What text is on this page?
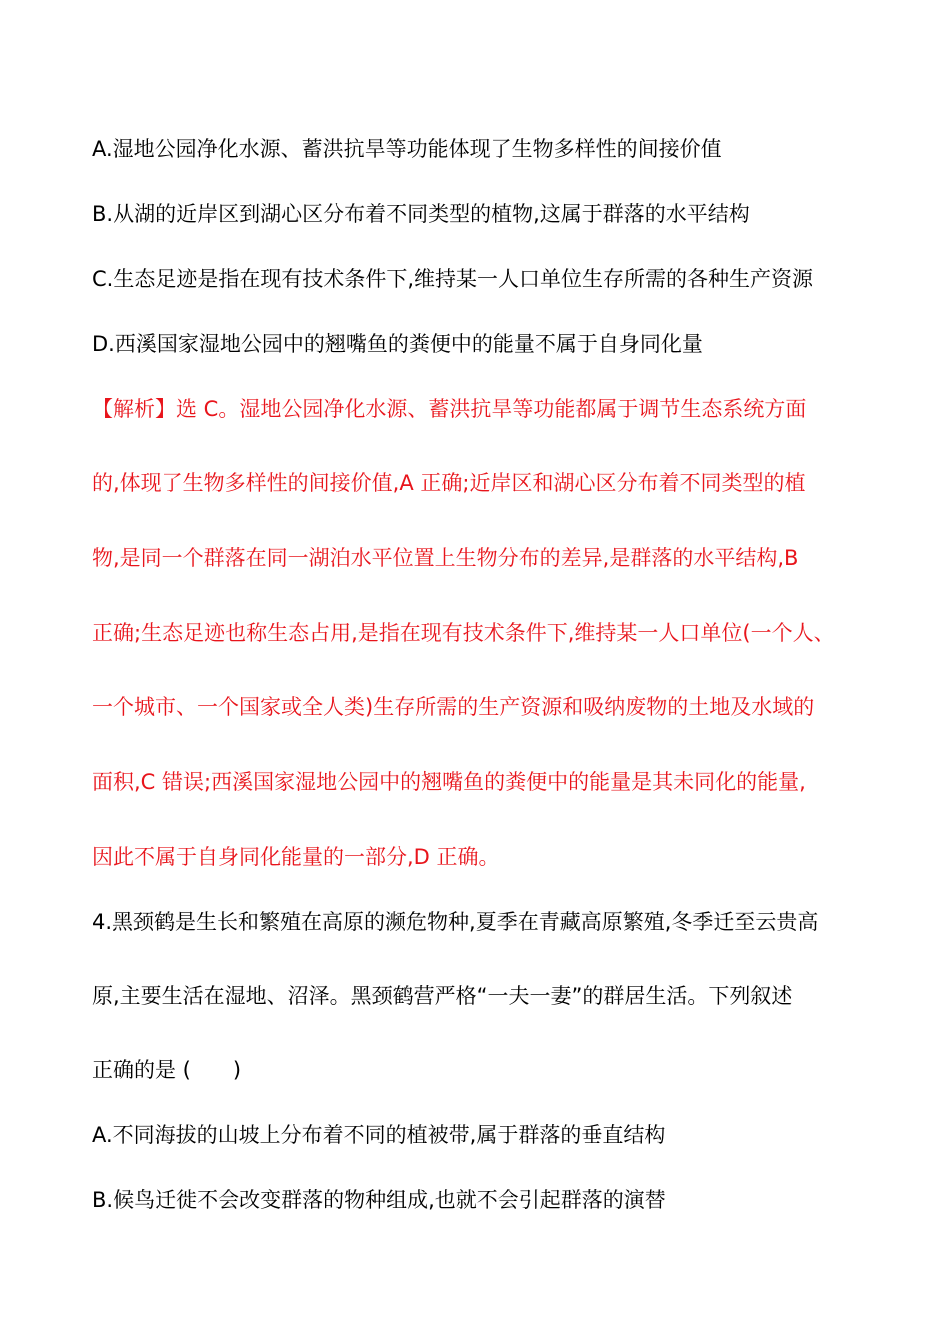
A.湿地公园净化水源、蓄洪抗旱等功能体现了生物多样性的间接价值
B.从湖的近岸区到湖心区分布着不同类型的植物,这属于群落的水平结构
C.生态足迹是指在现有技术条件下,维持某一人口单位生存所需的各种生产资源
D.西溪国家湿地公园中的翘嘴鱼的粪便中的能量不属于自身同化量
【解析】选 C。湿地公园净化水源、蓄洪抗旱等功能都属于调节生态系统方面
的,体现了生物多样性的间接价值,A 正确;近岸区和湖心区分布着不同类型的植
物,是同一个群落在同一湖泊水平位置上生物分布的差异,是群落的水平结构,B
正确;生态足迹也称生态占用,是指在现有技术条件下,维持某一人口单位(一个人、
一个城市、一个国家或全人类)生存所需的生产资源和吸纳废物的土地及水域的
面积,C 错误;西溪国家湿地公园中的翘嘴鱼的粪便中的能量是其未同化的能量,
因此不属于自身同化能量的一部分,D 正确。
4.黑颈鹤是生长和繁殖在高原的濒危物种,夏季在青藏高原繁殖,冬季迁至云贵高
原,主要生活在湿地、沼泽。黑颈鹤营严格“一夫一妻”的群居生活。下列叙述
正确的是 (　　)
A.不同海拔的山坡上分布着不同的植被带,属于群落的垂直结构
B.候鸟迁徙不会改变群落的物种组成,也就不会引起群落的演替
